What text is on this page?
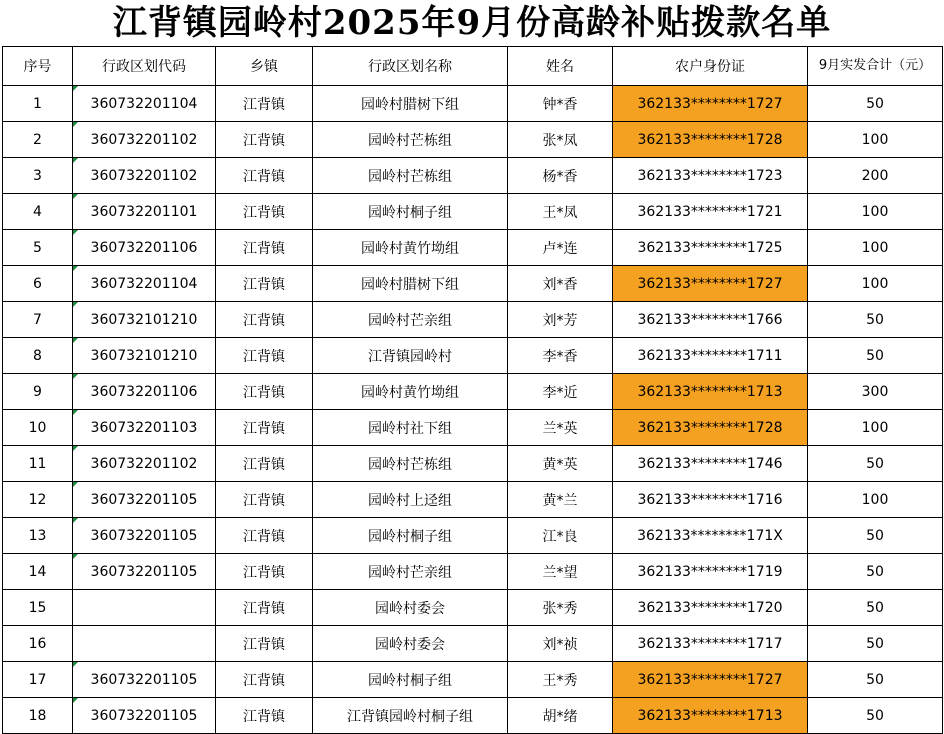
江背镇园岭村2025年9月份高龄补贴拨款名单
序号	行政区划代码	乡镇	行政区划名称	姓名	农户身份证	9月实发合计（元）
1	360732201104	江背镇	园岭村腊树下组	钟*香	362133********1727	50
2	360732201102	江背镇	园岭村芒栋组	张*凤	362133********1728	100
3	360732201102	江背镇	园岭村芒栋组	杨*香	362133********1723	200
4	360732201101	江背镇	园岭村桐子组	王*凤	362133********1721	100
5	360732201106	江背镇	园岭村黄竹坳组	卢*连	362133********1725	100
6	360732201104	江背镇	园岭村腊树下组	刘*香	362133********1727	100
7	360732101210	江背镇	园岭村芒亲组	刘*芳	362133********1766	50
8	360732101210	江背镇	江背镇园岭村	李*香	362133********1711	50
9	360732201106	江背镇	园岭村黄竹坳组	李*近	362133********1713	300
10	360732201103	江背镇	园岭村社下组	兰*英	362133********1728	100
11	360732201102	江背镇	园岭村芒栋组	黄*英	362133********1746	50
12	360732201105	江背镇	园岭村上迳组	黄*兰	362133********1716	100
13	360732201105	江背镇	园岭村桐子组	江*良	362133********171X	50
14	360732201105	江背镇	园岭村芒亲组	兰*望	362133********1719	50
15		江背镇	园岭村委会	张*秀	362133********1720	50
16		江背镇	园岭村委会	刘*祯	362133********1717	50
17	360732201105	江背镇	园岭村桐子组	王*秀	362133********1727	50
18	360732201105	江背镇	江背镇园岭村桐子组	胡*绪	362133********1713	50
